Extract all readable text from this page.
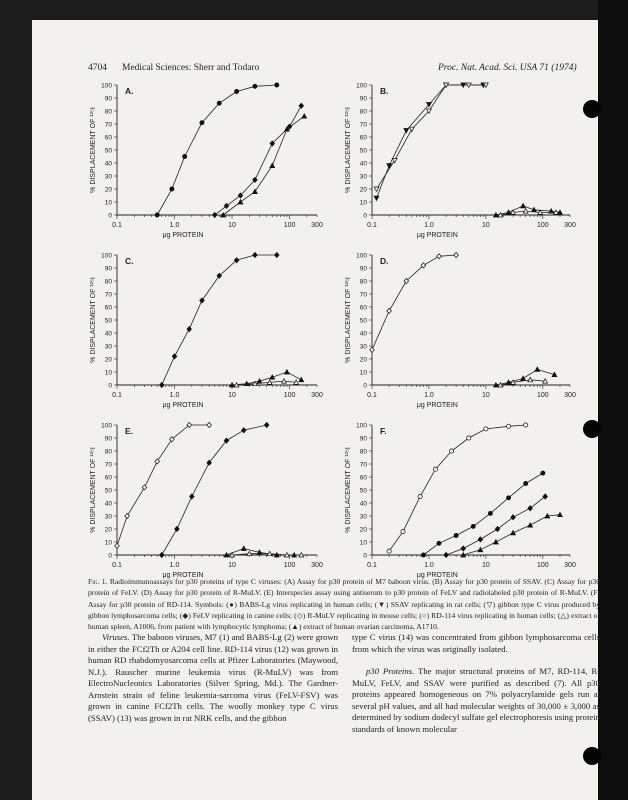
4704 Medical Sciences: Sherr and Todaro	Proc. Nat. Acad. Sci. USA 71 (1974)
0.1	1.0	10	100 300
0
10
20
30
40
50
60
70
80
90
100
μg PROTEIN
% DISPLACEMENT OF ¹²⁵I
A.
0.1	1.0	10	100 300
0
10
20
30
40
50
60
70
80
90
100
μg PROTEIN
% DISPLACEMENT OF ¹²⁵I
B.
0.1	1.0	10	100 300
0
10
20
30
40
50
60
70
80
90
100
μg PROTEIN
% DISPLACEMENT OF ¹²⁵I
C.
0.1	1.0	10	100 300
0
10
20
30
40
50
60
70
80
90
100
μg PROTEIN
% DISPLACEMENT OF ¹²⁵I
D.
0.1	1.0	10	100 300
0
10
20
30
40
50
60
70
80
90
100
μg PROTEIN
% DISPLACEMENT OF ¹²⁵I
E.
0.1	1.0	10	100 300
0
10
20
30
40
50
60
70
80
90
100
μg PROTEIN
% DISPLACEMENT OF ¹²⁵I
F.
Fig. 1. Radioimmunoassays for p30 proteins of type C viruses: (A) Assay for p30 protein of M7 baboon virus. (B) Assay for p30 protein of SSAV. (C) Assay for p30 protein of FeLV. (D) Assay for p30 protein of R-MuLV. (E) Interspecies assay using antiserum to p30 protein of FeLV and radiolabeled p30 protein of R-MuLV. (F) Assay for p30 protein of RD-114. Symbols: (●) BABS-Lg virus replicating in human cells; (▼) SSAV replicating in rat cells; (▽) gibbon type C virus produced by gibbon lymphosarcoma cells; (◆) FeLV replicating in canine cells; (◇) R-MuLV replicating in mouse cells; (○) RD-114 virus replicating in human cells; (△) extract of human spleen, A1006, from patient with lymphocytic lymphoma; (▲) extract of human ovarian carcinoma, A1710.

Viruses. The baboon viruses, M7 (1) and BABS-Lg (2) were grown in either the FCf2Th or A204 cell line. RD-114 virus (12) was grown in human RD rhabdomyosarcoma cells at Pfizer Laboratories (Maywood, N.J.). Rauscher murine leukemia virus (R-MuLV) was from ElectroNucleonics Laboratories (Silver Spring, Md.). The Gardner-Arnstein strain of feline leukemia-sarcoma virus (FeLV-FSV) was grown in canine FCf2Th cells. The woolly monkey type C virus (SSAV) (13) was grown in rat NRK cells, and the gibbon

type C virus (14) was concentrated from gibbon lymphosarcoma cells from which the virus was originally isolated.

p30 Proteins. The major structural proteins of M7, RD-114, R-MuLV, FeLV, and SSAV were purified as described (7). All p30 proteins appeared homogeneous on 7% polyacrylamide gels run at several pH values, and all had molecular weights of 30,000 ± 3,000 as determined by sodium dodecyl sulfate gel electrophoresis using protein standards of known molecular
